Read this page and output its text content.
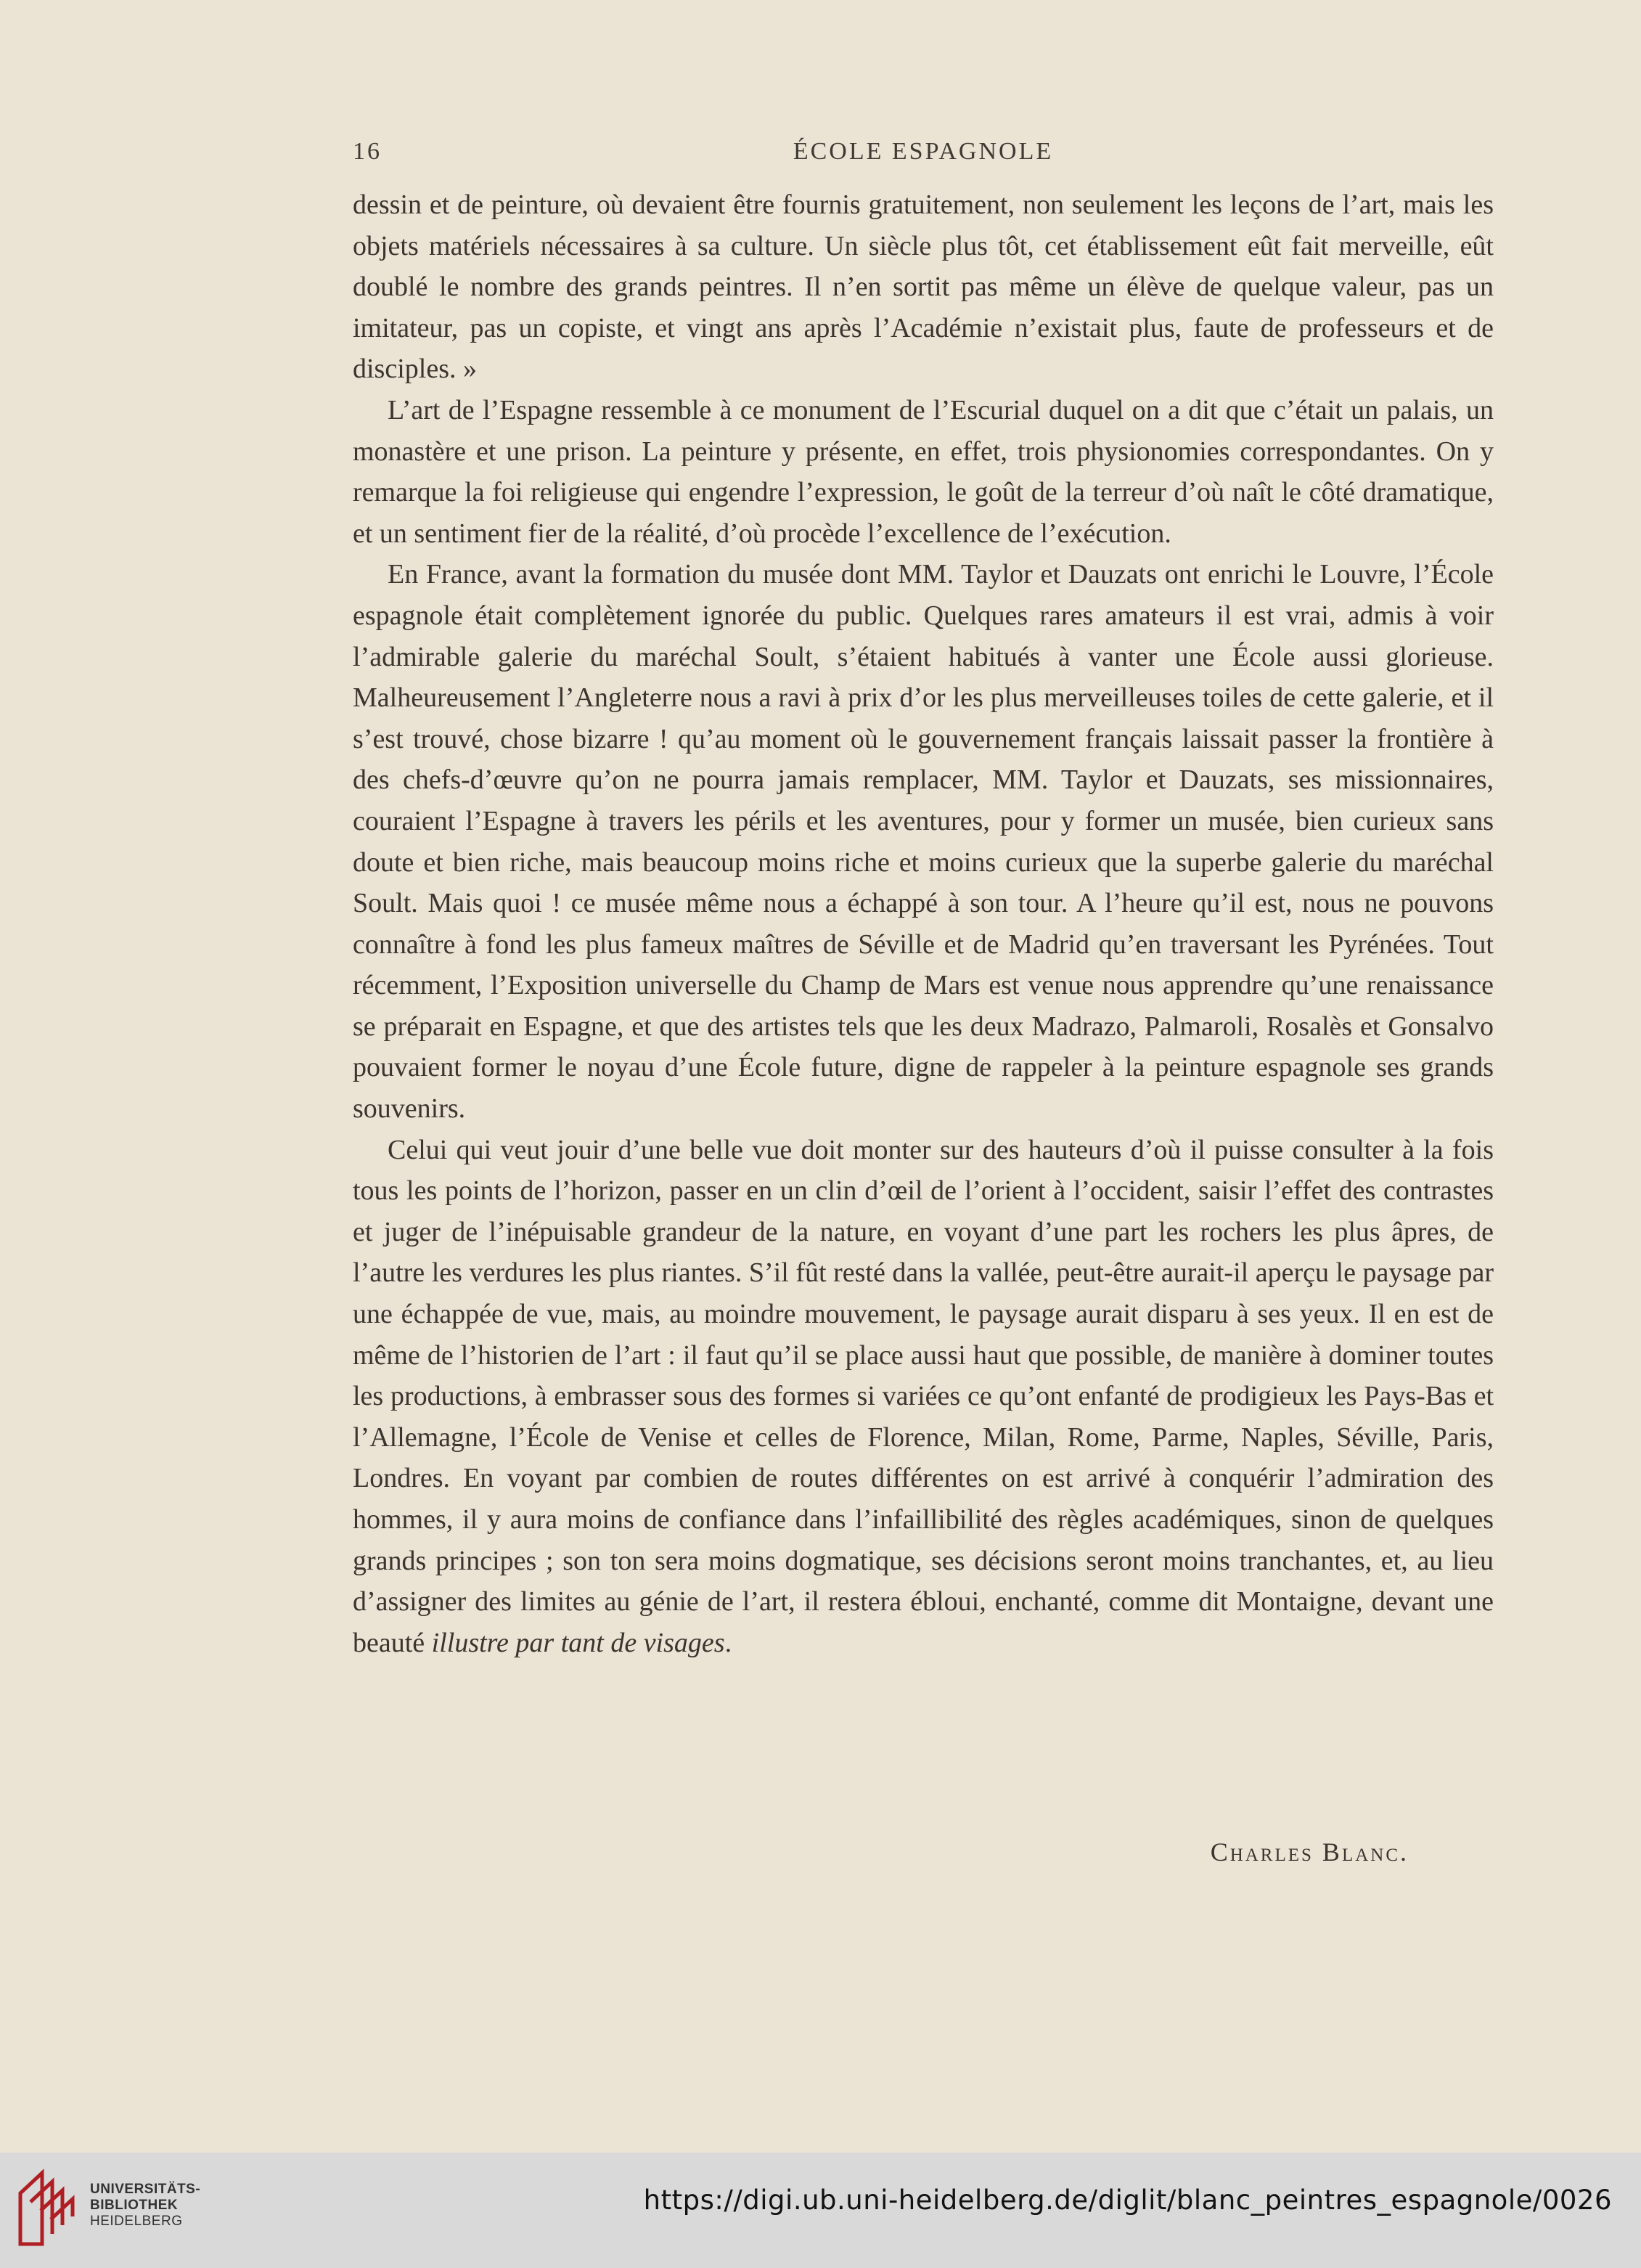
16	ÉCOLE ESPAGNOLE

dessin et de peinture, où devaient être fournis gratuitement, non seulement les leçons de l’art, mais les objets matériels nécessaires à sa culture. Un siècle plus tôt, cet établissement eût fait merveille, eût doublé le nombre des grands peintres. Il n’en sortit pas même un élève de quelque valeur, pas un imitateur, pas un copiste, et vingt ans après l’Académie n’existait plus, faute de professeurs et de disciples. »

L’art de l’Espagne ressemble à ce monument de l’Escurial duquel on a dit que c’était un palais, un monastère et une prison. La peinture y présente, en effet, trois physionomies correspondantes. On y remarque la foi religieuse qui engendre l’expression, le goût de la terreur d’où naît le côté dramatique, et un sentiment fier de la réalité, d’où procède l’excellence de l’exécution.

En France, avant la formation du musée dont MM. Taylor et Dauzats ont enrichi le Louvre, l’École espagnole était complètement ignorée du public. Quelques rares amateurs il est vrai, admis à voir l’admirable galerie du maréchal Soult, s’étaient habitués à vanter une École aussi glorieuse. Malheureusement l’Angleterre nous a ravi à prix d’or les plus merveilleuses toiles de cette galerie, et il s’est trouvé, chose bizarre ! qu’au moment où le gouvernement français laissait passer la frontière à des chefs-d’œuvre qu’on ne pourra jamais remplacer, MM. Taylor et Dauzats, ses missionnaires, couraient l’Espagne à travers les périls et les aventures, pour y former un musée, bien curieux sans doute et bien riche, mais beaucoup moins riche et moins curieux que la superbe galerie du maréchal Soult. Mais quoi ! ce musée même nous a échappé à son tour. A l’heure qu’il est, nous ne pouvons connaître à fond les plus fameux maîtres de Séville et de Madrid qu’en traversant les Pyrénées. Tout récemment, l’Exposition universelle du Champ de Mars est venue nous apprendre qu’une renaissance se préparait en Espagne, et que des artistes tels que les deux Madrazo, Palmaroli, Rosalès et Gonsalvo pouvaient former le noyau d’une École future, digne de rappeler à la peinture espagnole ses grands souvenirs.

Celui qui veut jouir d’une belle vue doit monter sur des hauteurs d’où il puisse consulter à la fois tous les points de l’horizon, passer en un clin d’œil de l’orient à l’occident, saisir l’effet des contrastes et juger de l’inépuisable grandeur de la nature, en voyant d’une part les rochers les plus âpres, de l’autre les verdures les plus riantes. S’il fût resté dans la vallée, peut-être aurait-il aperçu le paysage par une échappée de vue, mais, au moindre mouvement, le paysage aurait disparu à ses yeux. Il en est de même de l’historien de l’art : il faut qu’il se place aussi haut que possible, de manière à dominer toutes les productions, à embrasser sous des formes si variées ce qu’ont enfanté de prodigieux les Pays-Bas et l’Allemagne, l’École de Venise et celles de Florence, Milan, Rome, Parme, Naples, Séville, Paris, Londres. En voyant par combien de routes différentes on est arrivé à conquérir l’admiration des hommes, il y aura moins de confiance dans l’infaillibilité des règles académiques, sinon de quelques grands principes ; son ton sera moins dogmatique, ses décisions seront moins tranchantes, et, au lieu d’assigner des limites au génie de l’art, il restera ébloui, enchanté, comme dit Montaigne, devant une beauté illustre par tant de visages.

Charles Blanc.
UNIVERSITÄTS-
BIBLIOTHEK
HEIDELBERG
https://digi.ub.uni-heidelberg.de/diglit/blanc_peintres_espagnole/0026
